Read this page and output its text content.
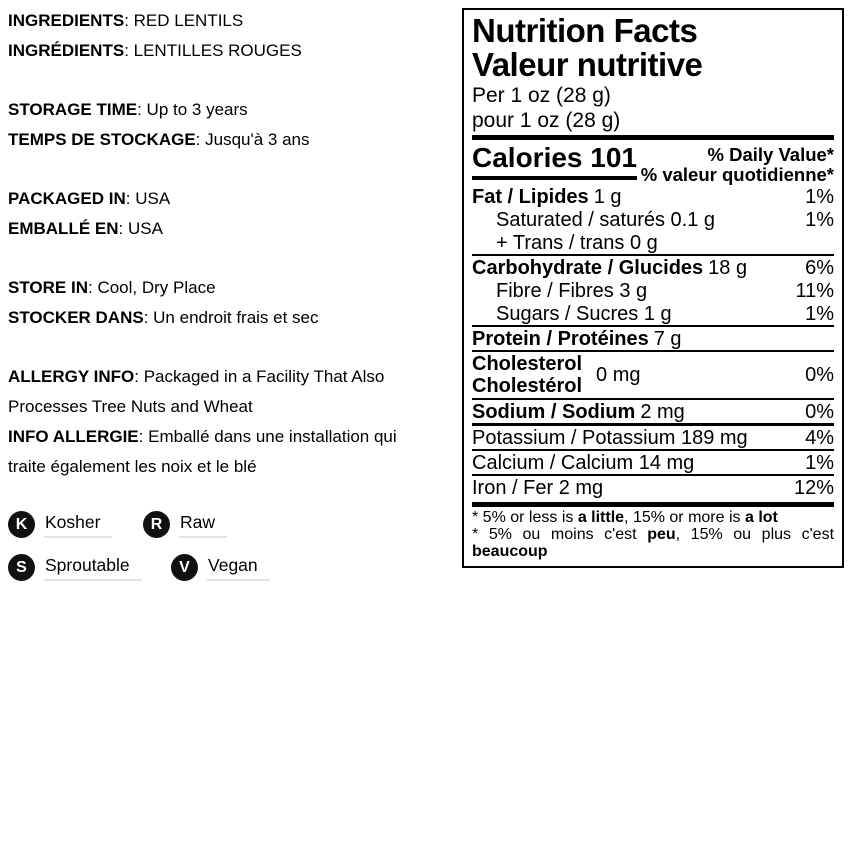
INGREDIENTS: RED LENTILS
INGRÉDIENTS: LENTILLES ROUGES
STORAGE TIME: Up to 3 years
TEMPS DE STOCKAGE: Jusqu'à 3 ans
PACKAGED IN: USA
EMBALLÉ EN: USA
STORE IN: Cool, Dry Place
STOCKER DANS: Un endroit frais et sec
ALLERGY INFO: Packaged in a Facility That Also Processes Tree Nuts and Wheat
INFO ALLERGIE: Emballé dans une installation qui traite également les noix et le blé
K	Kosher	R	Raw
S	Sproutable	V	Vegan
Nutrition Facts
Valeur nutritive
Per 1 oz (28 g)
pour 1 oz (28 g)
Calories 101	% Daily Value*
% valeur quotidienne*
Fat / Lipides 1 g	1%
Saturated / saturés 0.1 g	1%
+ Trans / trans 0 g
Carbohydrate / Glucides 18 g	6%
Fibre / Fibres 3 g	11%
Sugars / Sucres 1 g	1%
Protein / Protéines 7 g
Cholesterol
Cholestérol
0 mg	0%
Sodium / Sodium 2 mg	0%
Potassium / Potassium 189 mg	4%
Calcium / Calcium 14 mg	1%
Iron / Fer 2 mg	12%
* 5% or less is a little, 15% or more is a lot
* 5% ou moins c'est peu, 15% ou plus c'est
beaucoup
